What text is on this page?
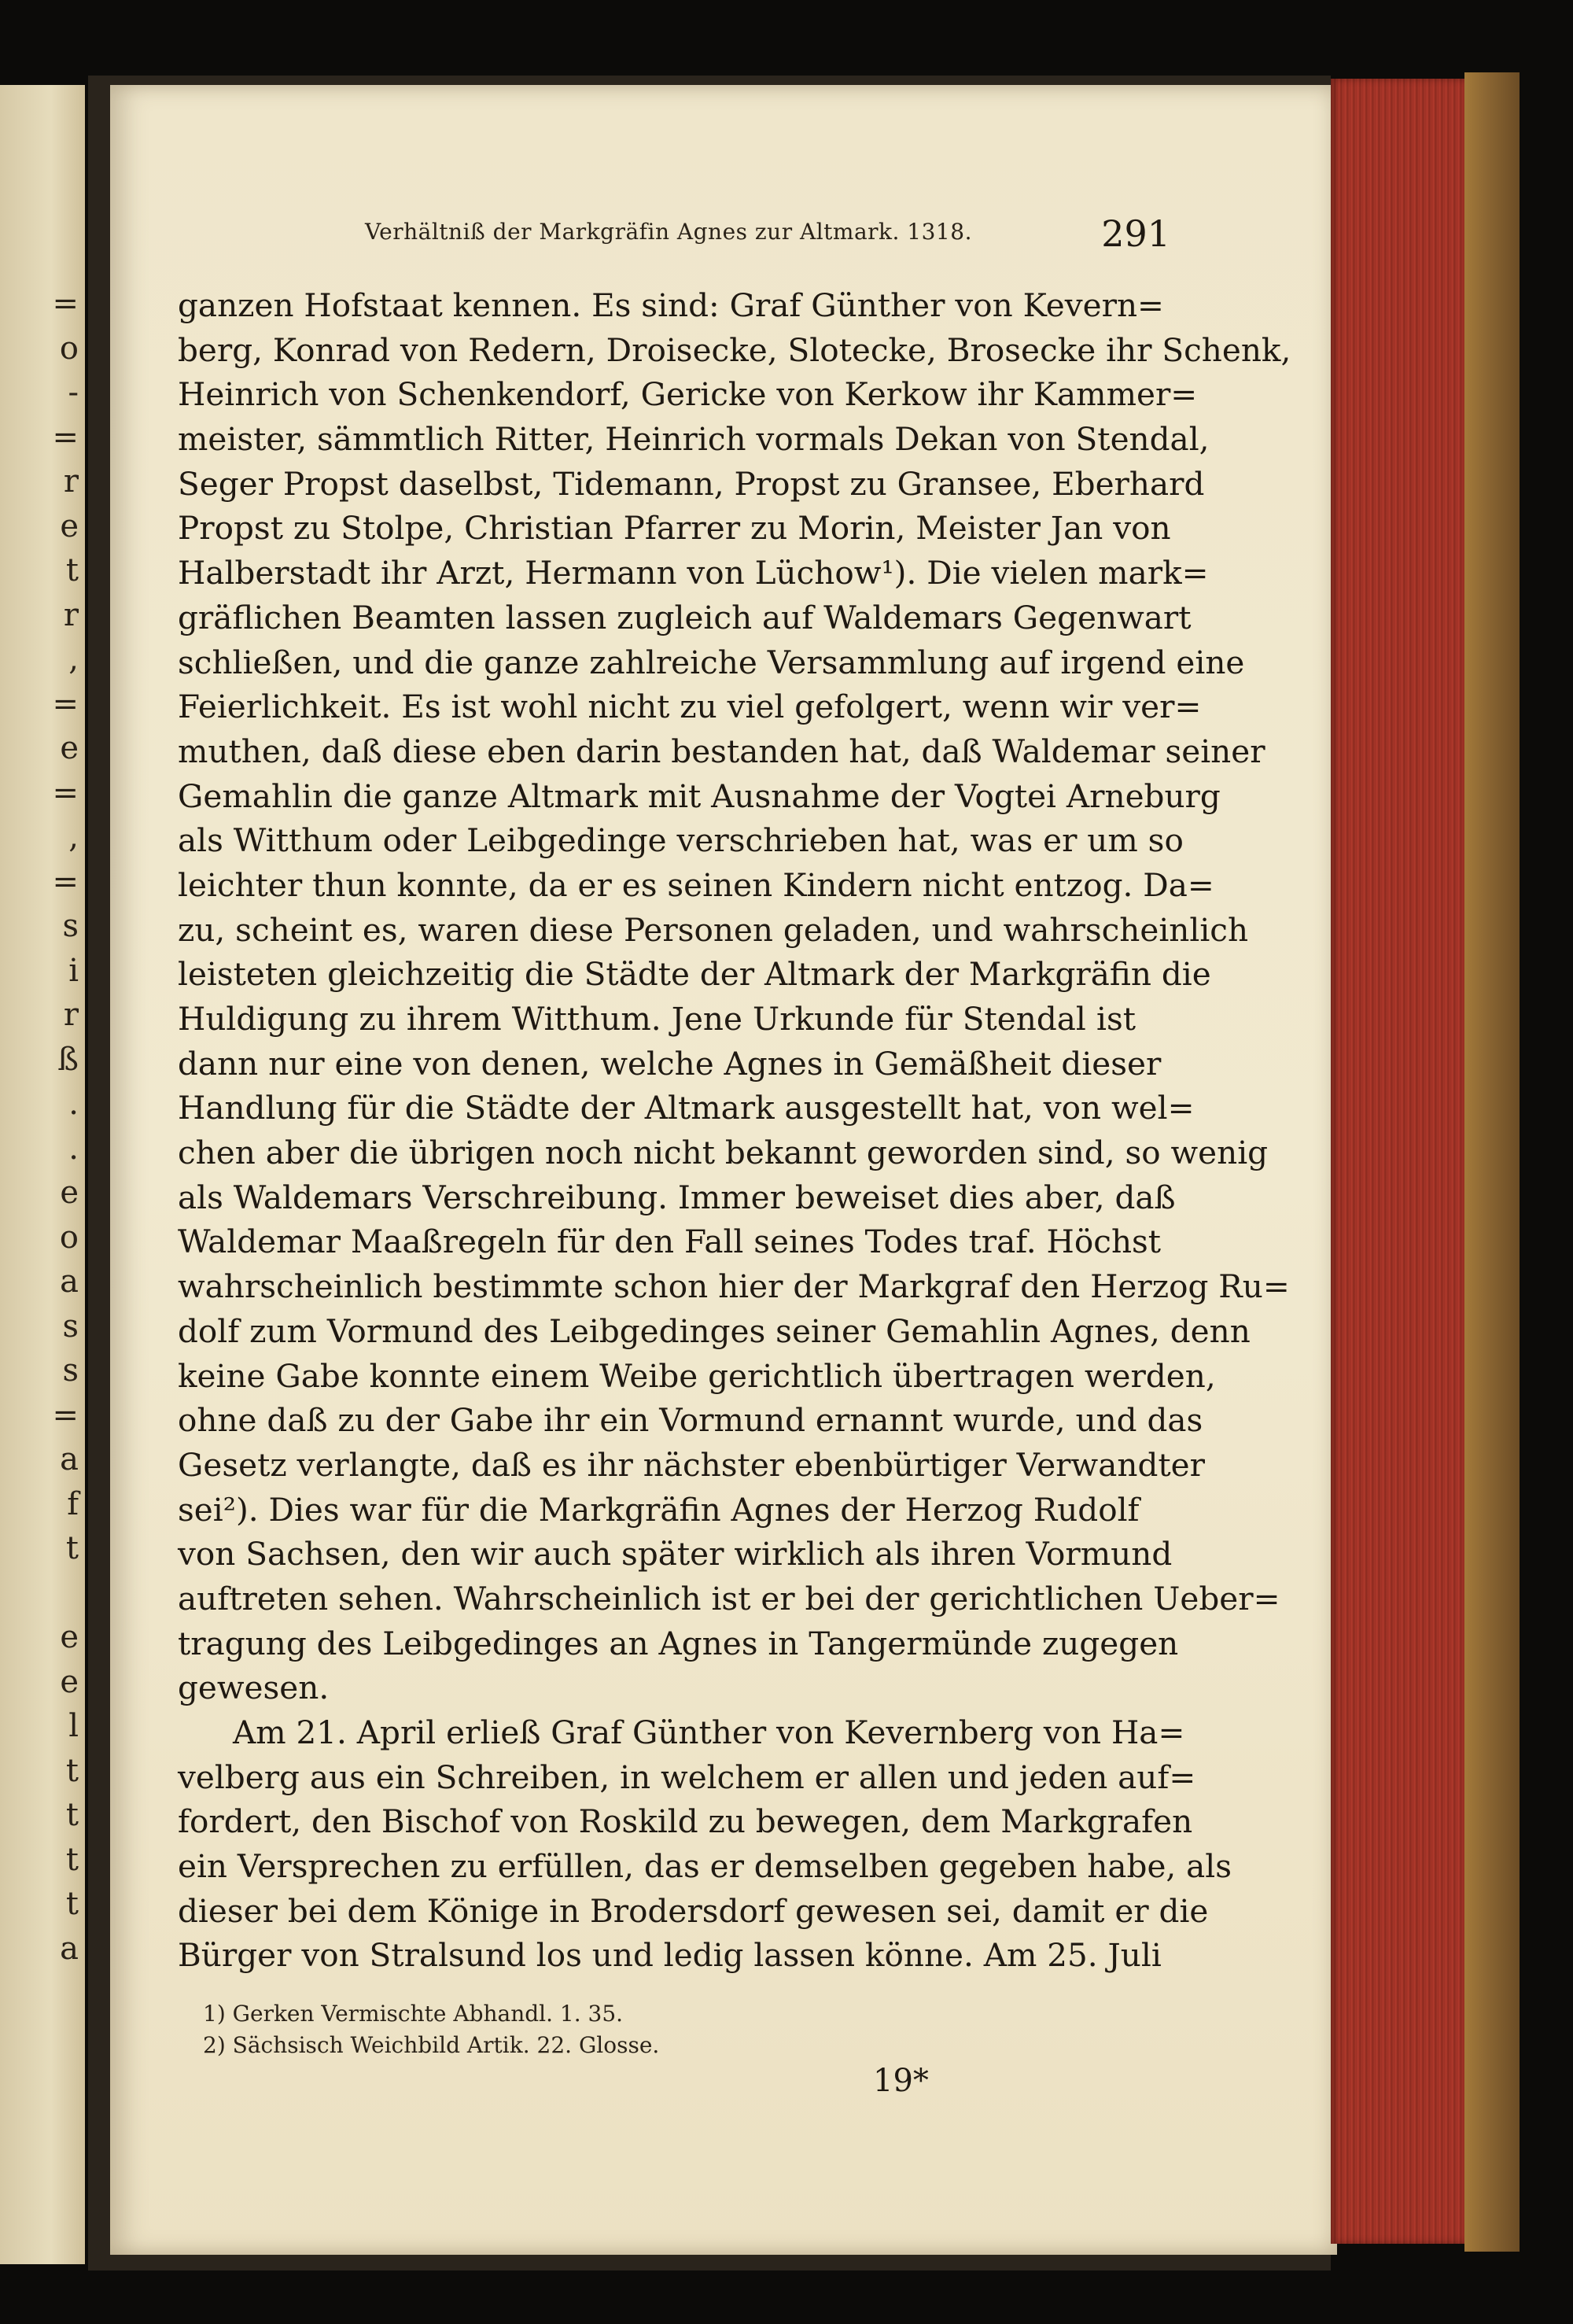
=
o
-
=
r
e
t
r
,
=
e
=
,
=
s
i
r
ß
.
.
e
o
a
s
s
=
a
f
t
e
e
l
t
t
t
t
a
Verhältniß der Markgräfin Agnes zur Altmark. 1318.	291
ganzen Hofstaat kennen. Es sind: Graf Günther von Kevern=
berg, Konrad von Redern, Droisecke, Slotecke, Brosecke ihr Schenk,
Heinrich von Schenkendorf, Gericke von Kerkow ihr Kammer=
meister, sämmtlich Ritter, Heinrich vormals Dekan von Stendal,
Seger Propst daselbst, Tidemann, Propst zu Gransee, Eberhard
Propst zu Stolpe, Christian Pfarrer zu Morin, Meister Jan von
Halberstadt ihr Arzt, Hermann von Lüchow¹). Die vielen mark=
gräflichen Beamten lassen zugleich auf Waldemars Gegenwart
schließen, und die ganze zahlreiche Versammlung auf irgend eine
Feierlichkeit. Es ist wohl nicht zu viel gefolgert, wenn wir ver=
muthen, daß diese eben darin bestanden hat, daß Waldemar seiner
Gemahlin die ganze Altmark mit Ausnahme der Vogtei Arneburg
als Witthum oder Leibgedinge verschrieben hat, was er um so
leichter thun konnte, da er es seinen Kindern nicht entzog. Da=
zu, scheint es, waren diese Personen geladen, und wahrscheinlich
leisteten gleichzeitig die Städte der Altmark der Markgräfin die
Huldigung zu ihrem Witthum. Jene Urkunde für Stendal ist
dann nur eine von denen, welche Agnes in Gemäßheit dieser
Handlung für die Städte der Altmark ausgestellt hat, von wel=
chen aber die übrigen noch nicht bekannt geworden sind, so wenig
als Waldemars Verschreibung. Immer beweiset dies aber, daß
Waldemar Maaßregeln für den Fall seines Todes traf. Höchst
wahrscheinlich bestimmte schon hier der Markgraf den Herzog Ru=
dolf zum Vormund des Leibgedinges seiner Gemahlin Agnes, denn
keine Gabe konnte einem Weibe gerichtlich übertragen werden,
ohne daß zu der Gabe ihr ein Vormund ernannt wurde, und das
Gesetz verlangte, daß es ihr nächster ebenbürtiger Verwandter
sei²). Dies war für die Markgräfin Agnes der Herzog Rudolf
von Sachsen, den wir auch später wirklich als ihren Vormund
auftreten sehen. Wahrscheinlich ist er bei der gerichtlichen Ueber=
tragung des Leibgedinges an Agnes in Tangermünde zugegen
gewesen.
Am 21. April erließ Graf Günther von Kevernberg von Ha=
velberg aus ein Schreiben, in welchem er allen und jeden auf=
fordert, den Bischof von Roskild zu bewegen, dem Markgrafen
ein Versprechen zu erfüllen, das er demselben gegeben habe, als
dieser bei dem Könige in Brodersdorf gewesen sei, damit er die
Bürger von Stralsund los und ledig lassen könne. Am 25. Juli
1) Gerken Vermischte Abhandl. 1. 35.
2) Sächsisch Weichbild Artik. 22. Glosse.
19*
